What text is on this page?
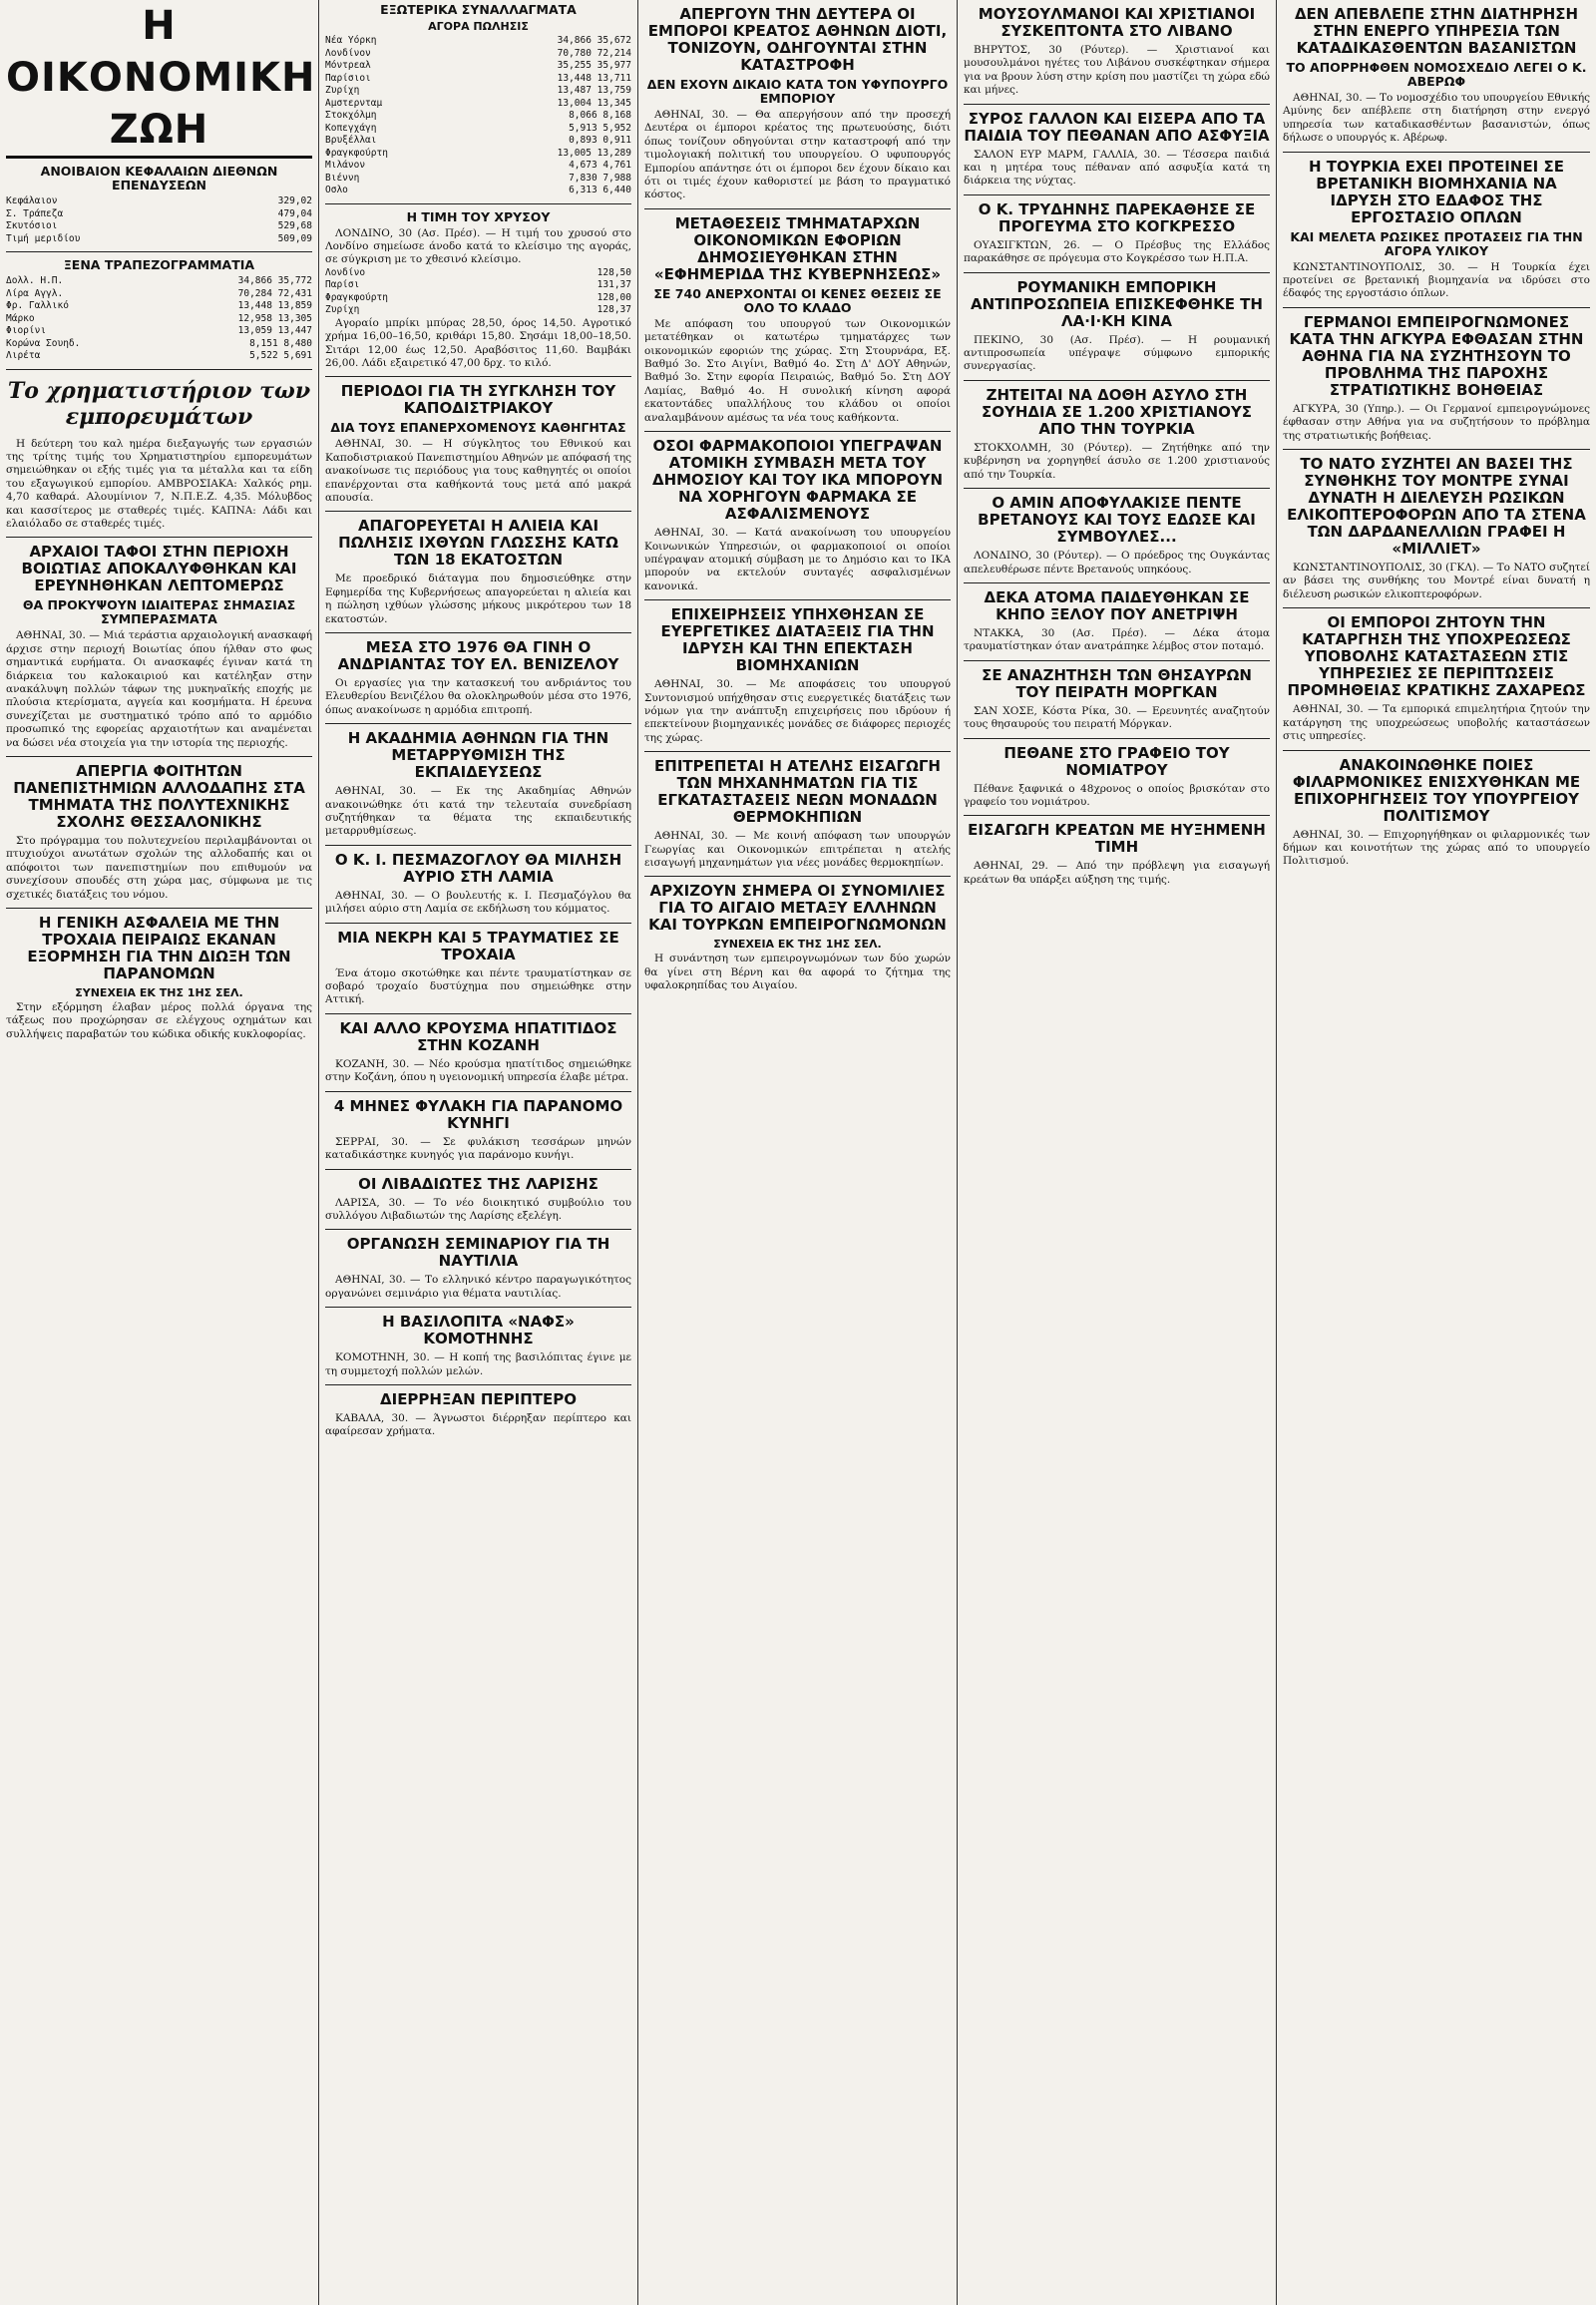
Η ΟΙΚΟΝΟΜΙΚΗ ΖΩΗ
ΑΝΟΙΒΑΙΟΝ ΚΕΦΑΛΑΙΩΝ ΔΙΕΘΝΩΝ ΕΠΕΝΔΥΣΕΩΝ
Κεφάλαιον	329,02
Σ. Τράπεζα	479,04
Σκυτόσιοι	529,68
Τιμή μεριδίου	509,09
ΞΕΝΑ ΤΡΑΠΕΖΟΓΡΑΜΜΑΤΙΑ
Δολλ. Η.Π.	34,866 35,772
Λίρα Αγγλ.	70,284 72,431
Φρ. Γαλλικό	13,448 13,859
Μάρκο	12,958 13,305
Φιορίνι	13,059 13,447
Κορώνα Σουηδ.	8,151 8,480
Λιρέτα	5,522 5,691
Το χρηματιστήριον των εμπορευμάτων

Η δεύτερη του καλ ημέρα διεξαγωγής των εργασιών της τρίτης τιμής του Χρηματιστηρίου εμπορευμάτων σημειώθηκαν οι εξής τιμές για τα μέταλλα και τα είδη του εξαγωγικού εμπορίου. ΑΜΒΡΟΣΙΑΚΑ: Χαλκός ρημ. 4,70 καθαρά. Αλουμίνιον 7, Ν.Π.Ε.Ζ. 4,35. Μόλυβδος και κασσίτερος με σταθερές τιμές. ΚΑΠΝΑ: Λάδι και ελαιόλαδο σε σταθερές τιμές.

ΑΡΧΑΙΟΙ ΤΑΦΟΙ ΣΤΗΝ ΠΕΡΙΟΧΗ ΒΟΙΩΤΙΑΣ ΑΠΟΚΑΛΥΦΘΗΚΑΝ ΚΑΙ ΕΡΕΥΝΗΘΗΚΑΝ ΛΕΠΤΟΜΕΡΩΣ
ΘΑ ΠΡΟΚΥΨΟΥΝ ΙΔΙΑΙΤΕΡΑΣ ΣΗΜΑΣΙΑΣ ΣΥΜΠΕΡΑΣΜΑΤΑ

ΑΘΗΝΑΙ, 30. — Μιά τεράστια αρχαιολογική ανασκαφή άρχισε στην περιοχή Βοιωτίας όπου ήλθαν στο φως σημαντικά ευρήματα. Οι ανασκαφές έγιναν κατά τη διάρκεια του καλοκαιριού και κατέληξαν στην ανακάλυψη πολλών τάφων της μυκηναϊκής εποχής με πλούσια κτερίσματα, αγγεία και κοσμήματα. Η έρευνα συνεχίζεται με συστηματικό τρόπο από το αρμόδιο προσωπικό της εφορείας αρχαιοτήτων και αναμένεται να δώσει νέα στοιχεία για την ιστορία της περιοχής.

ΑΠΕΡΓΙΑ ΦΟΙΤΗΤΩΝ ΠΑΝΕΠΙΣΤΗΜΙΩΝ ΑΛΛΟΔΑΠΗΣ ΣΤΑ ΤΜΗΜΑΤΑ ΤΗΣ ΠΟΛΥΤΕΧΝΙΚΗΣ ΣΧΟΛΗΣ ΘΕΣΣΑΛΟΝΙΚΗΣ

Στο πρόγραμμα του πολυτεχνείου περιλαμβάνονται οι πτυχιούχοι ανωτάτων σχολών της αλλοδαπής και οι απόφοιτοι των πανεπιστημίων που επιθυμούν να συνεχίσουν σπουδές στη χώρα μας, σύμφωνα με τις σχετικές διατάξεις του νόμου.

Η ΓΕΝΙΚΗ ΑΣΦΑΛΕΙΑ ΜΕ ΤΗΝ ΤΡΟΧΑΙΑ ΠΕΙΡΑΙΩΣ ΕΚΑΝΑΝ ΕΞΟΡΜΗΣΗ ΓΙΑ ΤΗΝ ΔΙΩΞΗ ΤΩΝ ΠΑΡΑΝΟΜΩΝ
ΣΥΝΕΧΕΙΑ ΕΚ ΤΗΣ 1ΗΣ ΣΕΛ.

Στην εξόρμηση έλαβαν μέρος πολλά όργανα της τάξεως που προχώρησαν σε ελέγχους οχημάτων και συλλήψεις παραβατών του κώδικα οδικής κυκλοφορίας.

ΕΞΩΤΕΡΙΚΑ ΣΥΝΑΛΛΑΓΜΑΤΑ
ΑΓΟΡΑ ΠΩΛΗΣΙΣ
Νέα Υόρκη	34,866 35,672
Λονδίνον	70,780 72,214
Μόντρεαλ	35,255 35,977
Παρίσιοι	13,448 13,711
Ζυρίχη	13,487 13,759
Αμστερνταμ	13,004 13,345
Στοκχόλμη	8,066 8,168
Κοπεγχάγη	5,913 5,952
Βρυξέλλαι	0,893 0,911
Φραγκφούρτη	13,005 13,289
Μιλάνον	4,673 4,761
Βιέννη	7,830 7,988
Οσλο	6,313 6,440
Η ΤΙΜΗ ΤΟΥ ΧΡΥΣΟΥ

ΛΟΝΔΙΝΟ, 30 (Ασ. Πρέσ). — Η τιμή του χρυσού στο Λονδίνο σημείωσε άνοδο κατά το κλείσιμο της αγοράς, σε σύγκριση με το χθεσινό κλείσιμο.

Λονδίνο	128,50
Παρίσι	131,37
Φραγκφούρτη	128,00
Ζυρίχη	128,37

Αγοραίο μπρίκι μπύρας 28,50, όρος 14,50. Αγροτικό χρήμα 16,00–16,50, κριθάρι 15,80. Σησάμι 18,00–18,50. Σιτάρι 12,00 έως 12,50. Αραβόσιτος 11,60. Βαμβάκι 26,00. Λάδι εξαιρετικό 47,00 δρχ. το κιλό.

ΠΕΡΙΟΔΟΙ ΓΙΑ ΤΗ ΣΥΓΚΛΗΣΗ ΤΟΥ ΚΑΠΟΔΙΣΤΡΙΑΚΟΥ
ΔΙΑ ΤΟΥΣ ΕΠΑΝΕΡΧΟΜΕΝΟΥΣ ΚΑΘΗΓΗΤΑΣ

ΑΘΗΝΑΙ, 30. — Η σύγκλητος του Εθνικού και Καποδιστριακού Πανεπιστημίου Αθηνών με απόφασή της ανακοίνωσε τις περιόδους για τους καθηγητές οι οποίοι επανέρχονται στα καθήκοντά τους μετά από μακρά απουσία.

ΑΠΑΓΟΡΕΥΕΤΑΙ Η ΑΛΙΕΙΑ ΚΑΙ ΠΩΛΗΣΙΣ ΙΧΘΥΩΝ ΓΛΩΣΣΗΣ ΚΑΤΩ ΤΩΝ 18 ΕΚΑΤΟΣΤΩΝ

Με προεδρικό διάταγμα που δημοσιεύθηκε στην Εφημερίδα της Κυβερνήσεως απαγορεύεται η αλιεία και η πώληση ιχθύων γλώσσης μήκους μικρότερου των 18 εκατοστών.

ΜΕΣΑ ΣΤΟ 1976 ΘΑ ΓΙΝΗ Ο ΑΝΔΡΙΑΝΤΑΣ ΤΟΥ ΕΛ. ΒΕΝΙΖΕΛΟΥ

Οι εργασίες για την κατασκευή του ανδριάντος του Ελευθερίου Βενιζέλου θα ολοκληρωθούν μέσα στο 1976, όπως ανακοίνωσε η αρμόδια επιτροπή.

Η ΑΚΑΔΗΜΙΑ ΑΘΗΝΩΝ ΓΙΑ ΤΗΝ ΜΕΤΑΡΡΥΘΜΙΣΗ ΤΗΣ ΕΚΠΑΙΔΕΥΣΕΩΣ

ΑΘΗΝΑΙ, 30. — Εκ της Ακαδημίας Αθηνών ανακοινώθηκε ότι κατά την τελευταία συνεδρίαση συζητήθηκαν τα θέματα της εκπαιδευτικής μεταρρυθμίσεως.

Ο Κ. Ι. ΠΕΣΜΑΖΟΓΛΟΥ ΘΑ ΜΙΛΗΣΗ ΑΥΡΙΟ ΣΤΗ ΛΑΜΙΑ

ΑΘΗΝΑΙ, 30. — Ο βουλευτής κ. Ι. Πεσμαζόγλου θα μιλήσει αύριο στη Λαμία σε εκδήλωση του κόμματος.

ΜΙΑ ΝΕΚΡΗ ΚΑΙ 5 ΤΡΑΥΜΑΤΙΕΣ ΣΕ ΤΡΟΧΑΙΑ

Ένα άτομο σκοτώθηκε και πέντε τραυματίστηκαν σε σοβαρό τροχαίο δυστύχημα που σημειώθηκε στην Αττική.

ΚΑΙ ΑΛΛΟ ΚΡΟΥΣΜΑ ΗΠΑΤΙΤΙΔΟΣ ΣΤΗΝ ΚΟΖΑΝΗ

ΚΟΖΑΝΗ, 30. — Νέο κρούσμα ηπατίτιδος σημειώθηκε στην Κοζάνη, όπου η υγειονομική υπηρεσία έλαβε μέτρα.

4 ΜΗΝΕΣ ΦΥΛΑΚΗ ΓΙΑ ΠΑΡΑΝΟΜΟ ΚΥΝΗΓΙ

ΣΕΡΡΑΙ, 30. — Σε φυλάκιση τεσσάρων μηνών καταδικάστηκε κυνηγός για παράνομο κυνήγι.

ΟΙ ΛΙΒΑΔΙΩΤΕΣ ΤΗΣ ΛΑΡΙΣΗΣ

ΛΑΡΙΣΑ, 30. — Το νέο διοικητικό συμβούλιο του συλλόγου Λιβαδιωτών της Λαρίσης εξελέγη.

ΟΡΓΑΝΩΣΗ ΣΕΜΙΝΑΡΙΟΥ ΓΙΑ ΤΗ ΝΑΥΤΙΛΙΑ

ΑΘΗΝΑΙ, 30. — Το ελληνικό κέντρο παραγωγικότητος οργανώνει σεμινάριο για θέματα ναυτιλίας.

Η ΒΑΣΙΛΟΠΙΤΑ «ΝΑΦΣ» ΚΟΜΟΤΗΝΗΣ

ΚΟΜΟΤΗΝΗ, 30. — Η κοπή της βασιλόπιτας έγινε με τη συμμετοχή πολλών μελών.

ΔΙΕΡΡΗΞΑΝ ΠΕΡΙΠΤΕΡΟ

ΚΑΒΑΛΑ, 30. — Άγνωστοι διέρρηξαν περίπτερο και αφαίρεσαν χρήματα.

ΑΠΕΡΓΟΥΝ ΤΗΝ ΔΕΥΤΕΡΑ ΟΙ ΕΜΠΟΡΟΙ ΚΡΕΑΤΟΣ ΑΘΗΝΩΝ ΔΙΟΤΙ, ΤΟΝΙΖΟΥΝ, ΟΔΗΓΟΥΝΤΑΙ ΣΤΗΝ ΚΑΤΑΣΤΡΟΦΗ
ΔΕΝ ΕΧΟΥΝ ΔΙΚΑΙΟ ΚΑΤΑ ΤΟΝ ΥΦΥΠΟΥΡΓΟ ΕΜΠΟΡΙΟΥ

ΑΘΗΝΑΙ, 30. — Θα απεργήσουν από την προσεχή Δευτέρα οι έμποροι κρέατος της πρωτευούσης, διότι όπως τονίζουν οδηγούνται στην καταστροφή από την τιμολογιακή πολιτική του υπουργείου. Ο υφυπουργός Εμπορίου απάντησε ότι οι έμποροι δεν έχουν δίκαιο και ότι οι τιμές έχουν καθοριστεί με βάση το πραγματικό κόστος.

ΜΕΤΑΘΕΣΕΙΣ ΤΜΗΜΑΤΑΡΧΩΝ ΟΙΚΟΝΟΜΙΚΩΝ ΕΦΟΡΙΩΝ ΔΗΜΟΣΙΕΥΘΗΚΑΝ ΣΤΗΝ «ΕΦΗΜΕΡΙΔΑ ΤΗΣ ΚΥΒΕΡΝΗΣΕΩΣ»
ΣΕ 740 ΑΝΕΡΧΟΝΤΑΙ ΟΙ ΚΕΝΕΣ ΘΕΣΕΙΣ ΣΕ ΟΛΟ ΤΟ ΚΛΑΔΟ

Με απόφαση του υπουργού των Οικονομικών μετατέθηκαν οι κατωτέρω τμηματάρχες των οικονομικών εφοριών της χώρας. Στη Στουρνάρα, Εξ. Βαθμό 3ο. Στο Αιγίνι, Βαθμό 4ο. Στη Δ' ΔΟΥ Αθηνών, Βαθμό 3ο. Στην εφορία Πειραιώς, Βαθμό 5ο. Στη ΔΟΥ Λαμίας, Βαθμό 4ο. Η συνολική κίνηση αφορά εκατοντάδες υπαλλήλους του κλάδου οι οποίοι αναλαμβάνουν αμέσως τα νέα τους καθήκοντα.

ΟΣΟΙ ΦΑΡΜΑΚΟΠΟΙΟΙ ΥΠΕΓΡΑΨΑΝ ΑΤΟΜΙΚΗ ΣΥΜΒΑΣΗ ΜΕΤΑ ΤΟΥ ΔΗΜΟΣΙΟΥ ΚΑΙ ΤΟΥ ΙΚΑ ΜΠΟΡΟΥΝ ΝΑ ΧΟΡΗΓΟΥΝ ΦΑΡΜΑΚΑ ΣΕ ΑΣΦΑΛΙΣΜΕΝΟΥΣ

ΑΘΗΝΑΙ, 30. — Κατά ανακοίνωση του υπουργείου Κοινωνικών Υπηρεσιών, οι φαρμακοποιοί οι οποίοι υπέγραψαν ατομική σύμβαση με το Δημόσιο και το ΙΚΑ μπορούν να εκτελούν συνταγές ασφαλισμένων κανονικά.

ΕΠΙΧΕΙΡΗΣΕΙΣ ΥΠΗΧΘΗΣΑΝ ΣΕ ΕΥΕΡΓΕΤΙΚΕΣ ΔΙΑΤΑΞΕΙΣ ΓΙΑ ΤΗΝ ΙΔΡΥΣΗ ΚΑΙ ΤΗΝ ΕΠΕΚΤΑΣΗ ΒΙΟΜΗΧΑΝΙΩΝ

ΑΘΗΝΑΙ, 30. — Με αποφάσεις του υπουργού Συντονισμού υπήχθησαν στις ευεργετικές διατάξεις των νόμων για την ανάπτυξη επιχειρήσεις που ιδρύουν ή επεκτείνουν βιομηχανικές μονάδες σε διάφορες περιοχές της χώρας.

ΕΠΙΤΡΕΠΕΤΑΙ Η ΑΤΕΛΗΣ ΕΙΣΑΓΩΓΗ ΤΩΝ ΜΗΧΑΝΗΜΑΤΩΝ ΓΙΑ ΤΙΣ ΕΓΚΑΤΑΣΤΑΣΕΙΣ ΝΕΩΝ ΜΟΝΑΔΩΝ ΘΕΡΜΟΚΗΠΙΩΝ

ΑΘΗΝΑΙ, 30. — Με κοινή απόφαση των υπουργών Γεωργίας και Οικονομικών επιτρέπεται η ατελής εισαγωγή μηχανημάτων για νέες μονάδες θερμοκηπίων.

ΑΡΧΙΖΟΥΝ ΣΗΜΕΡΑ ΟΙ ΣΥΝΟΜΙΛΙΕΣ ΓΙΑ ΤΟ ΑΙΓΑΙΟ ΜΕΤΑΞΥ ΕΛΛΗΝΩΝ ΚΑΙ ΤΟΥΡΚΩΝ ΕΜΠΕΙΡΟΓΝΩΜΟΝΩΝ
ΣΥΝΕΧΕΙΑ ΕΚ ΤΗΣ 1ΗΣ ΣΕΛ.

Η συνάντηση των εμπειρογνωμόνων των δύο χωρών θα γίνει στη Βέρνη και θα αφορά το ζήτημα της υφαλοκρηπίδας του Αιγαίου.

ΜΟΥΣΟΥΛΜΑΝΟΙ ΚΑΙ ΧΡΙΣΤΙΑΝΟΙ ΣΥΣΚΕΠΤΟΝΤΑ ΣΤΟ ΛΙΒΑΝΟ

ΒΗΡΥΤΟΣ, 30 (Ρόυτερ). — Χριστιανοί και μουσουλμάνοι ηγέτες του Λιβάνου συσκέφτηκαν σήμερα για να βρουν λύση στην κρίση που μαστίζει τη χώρα εδώ και μήνες.

ΣΥΡΟΣ ΓΑΛΛΟΝ ΚΑΙ ΕΙΣΕΡΑ ΑΠΟ ΤΑ ΠΑΙΔΙΑ ΤΟΥ ΠΕΘΑΝΑΝ ΑΠΟ ΑΣΦΥΞΙΑ

ΣΑΛΟΝ ΕΥΡ ΜΑΡΜ, ΓΑΛΛΙΑ, 30. — Τέσσερα παιδιά και η μητέρα τους πέθαναν από ασφυξία κατά τη διάρκεια της νύχτας.

Ο Κ. ΤΡΥΔΗΝΗΣ ΠΑΡΕΚΑΘΗΣΕ ΣΕ ΠΡΟΓΕΥΜΑ ΣΤΟ ΚΟΓΚΡΕΣΣΟ

ΟΥΑΣΙΓΚΤΩΝ, 26. — Ο Πρέσβυς της Ελλάδος παρακάθησε σε πρόγευμα στο Κογκρέσσο των Η.Π.Α.

ΡΟΥΜΑΝΙΚΗ ΕΜΠΟΡΙΚΗ ΑΝΤΙΠΡΟΣΩΠΕΙΑ ΕΠΙΣΚΕΦΘΗΚΕ ΤΗ ΛΑ·Ι·ΚΗ ΚΙΝΑ

ΠΕΚΙΝΟ, 30 (Ασ. Πρέσ). — Η ρουμανική αντιπροσωπεία υπέγραψε σύμφωνο εμπορικής συνεργασίας.

ΖΗΤΕΙΤΑΙ ΝΑ ΔΟΘΗ ΑΣΥΛΟ ΣΤΗ ΣΟΥΗΔΙΑ ΣΕ 1.200 ΧΡΙΣΤΙΑΝΟΥΣ ΑΠΟ ΤΗΝ ΤΟΥΡΚΙΑ

ΣΤΟΚΧΟΛΜΗ, 30 (Ρόυτερ). — Ζητήθηκε από την κυβέρνηση να χορηγηθεί άσυλο σε 1.200 χριστιανούς από την Τουρκία.

Ο ΑΜΙΝ ΑΠΟΦΥΛΑΚΙΣΕ ΠΕΝΤΕ ΒΡΕΤΑΝΟΥΣ ΚΑΙ ΤΟΥΣ ΕΔΩΣΕ ΚΑΙ ΣΥΜΒΟΥΛΕΣ...

ΛΟΝΔΙΝΟ, 30 (Ρόυτερ). — Ο πρόεδρος της Ουγκάντας απελευθέρωσε πέντε Βρετανούς υπηκόους.

ΔΕΚΑ ΑΤΟΜΑ ΠΑΙΔΕΥΘΗΚΑΝ ΣΕ ΚΗΠΟ ΞΕΛΟΥ ΠΟΥ ΑΝΕΤΡΙΨΗ

ΝΤΑΚΚΑ, 30 (Ασ. Πρέσ). — Δέκα άτομα τραυματίστηκαν όταν ανατράπηκε λέμβος στον ποταμό.

ΣΕ ΑΝΑΖΗΤΗΣΗ ΤΩΝ ΘΗΣΑΥΡΩΝ ΤΟΥ ΠΕΙΡΑΤΗ ΜΟΡΓΚΑΝ

ΣΑΝ ΧΟΣΕ, Κόστα Ρίκα, 30. — Ερευνητές αναζητούν τους θησαυρούς του πειρατή Μόργκαν.

ΠΕΘΑΝΕ ΣΤΟ ΓΡΑΦΕΙΟ ΤΟΥ ΝΟΜΙΑΤΡΟΥ

Πέθανε ξαφνικά ο 48χρονος ο οποίος βρισκόταν στο γραφείο του νομιάτρου.

ΕΙΣΑΓΩΓΗ ΚΡΕΑΤΩΝ ΜΕ ΗΥΞΗΜΕΝΗ ΤΙΜΗ

ΑΘΗΝΑΙ, 29. — Από την πρόβλεψη για εισαγωγή κρεάτων θα υπάρξει αύξηση της τιμής.

ΔΕΝ ΑΠΕΒΛΕΠΕ ΣΤΗΝ ΔΙΑΤΗΡΗΣΗ ΣΤΗΝ ΕΝΕΡΓΟ ΥΠΗΡΕΣΙΑ ΤΩΝ ΚΑΤΑΔΙΚΑΣΘΕΝΤΩΝ ΒΑΣΑΝΙΣΤΩΝ
ΤΟ ΑΠΟΡΡΗΦΘΕΝ ΝΟΜΟΣΧΕΔΙΟ ΛΕΓΕΙ Ο Κ. ΑΒΕΡΩΦ

ΑΘΗΝΑΙ, 30. — Το νομοσχέδιο του υπουργείου Εθνικής Αμύνης δεν απέβλεπε στη διατήρηση στην ενεργό υπηρεσία των καταδικασθέντων βασανιστών, όπως δήλωσε ο υπουργός κ. Αβέρωφ.

Η ΤΟΥΡΚΙΑ ΕΧΕΙ ΠΡΟΤΕΙΝΕΙ ΣΕ ΒΡΕΤΑΝΙΚΗ ΒΙΟΜΗΧΑΝΙΑ ΝΑ ΙΔΡΥΣΗ ΣΤΟ ΕΔΑΦΟΣ ΤΗΣ ΕΡΓΟΣΤΑΣΙΟ ΟΠΛΩΝ
ΚΑΙ ΜΕΛΕΤΑ ΡΩΣΙΚΕΣ ΠΡΟΤΑΣΕΙΣ ΓΙΑ ΤΗΝ ΑΓΟΡΑ ΥΛΙΚΟΥ

ΚΩΝΣΤΑΝΤΙΝΟΥΠΟΛΙΣ, 30. — Η Τουρκία έχει προτείνει σε βρετανική βιομηχανία να ιδρύσει στο έδαφός της εργοστάσιο όπλων.

ΓΕΡΜΑΝΟΙ ΕΜΠΕΙΡΟΓΝΩΜΟΝΕΣ ΚΑΤΑ ΤΗΝ ΑΓΚΥΡΑ ΕΦΘΑΣΑΝ ΣΤΗΝ ΑΘΗΝΑ ΓΙΑ ΝΑ ΣΥΖΗΤΗΣΟΥΝ ΤΟ ΠΡΟΒΛΗΜΑ ΤΗΣ ΠΑΡΟΧΗΣ ΣΤΡΑΤΙΩΤΙΚΗΣ ΒΟΗΘΕΙΑΣ

ΑΓΚΥΡΑ, 30 (Υπηρ.). — Οι Γερμανοί εμπειρογνώμονες έφθασαν στην Αθήνα για να συζητήσουν το πρόβλημα της στρατιωτικής βοήθειας.

ΤΟ ΝΑΤΟ ΣΥΖΗΤΕΙ ΑΝ ΒΑΣΕΙ ΤΗΣ ΣΥΝΘΗΚΗΣ ΤΟΥ ΜΟΝΤΡΕ ΣΥΝΑΙ ΔΥΝΑΤΗ Η ΔΙΕΛΕΥΣΗ ΡΩΣΙΚΩΝ ΕΛΙΚΟΠΤΕΡΟΦΟΡΩΝ ΑΠΟ ΤΑ ΣΤΕΝΑ ΤΩΝ ΔΑΡΔΑΝΕΛΛΙΩΝ ΓΡΑΦΕΙ Η «ΜΙΛΛΙΕΤ»

ΚΩΝΣΤΑΝΤΙΝΟΥΠΟΛΙΣ, 30 (ΓΚΛ). — Το ΝΑΤΟ συζητεί αν βάσει της συνθήκης του Μοντρέ είναι δυνατή η διέλευση ρωσικών ελικοπτεροφόρων.

ΟΙ ΕΜΠΟΡΟΙ ΖΗΤΟΥΝ ΤΗΝ ΚΑΤΑΡΓΗΣΗ ΤΗΣ ΥΠΟΧΡΕΩΣΕΩΣ ΥΠΟΒΟΛΗΣ ΚΑΤΑΣΤΑΣΕΩΝ ΣΤΙΣ ΥΠΗΡΕΣΙΕΣ ΣΕ ΠΕΡΙΠΤΩΣΕΙΣ ΠΡΟΜΗΘΕΙΑΣ ΚΡΑΤΙΚΗΣ ΖΑΧΑΡΕΩΣ

ΑΘΗΝΑΙ, 30. — Τα εμπορικά επιμελητήρια ζητούν την κατάργηση της υποχρεώσεως υποβολής καταστάσεων στις υπηρεσίες.

ΑΝΑΚΟΙΝΩΘΗΚΕ ΠΟΙΕΣ ΦΙΛΑΡΜΟΝΙΚΕΣ ΕΝΙΣΧΥΘΗΚΑΝ ΜΕ ΕΠΙΧΟΡΗΓΗΣΕΙΣ ΤΟΥ ΥΠΟΥΡΓΕΙΟΥ ΠΟΛΙΤΙΣΜΟΥ

ΑΘΗΝΑΙ, 30. — Επιχορηγήθηκαν οι φιλαρμονικές των δήμων και κοινοτήτων της χώρας από το υπουργείο Πολιτισμού.
